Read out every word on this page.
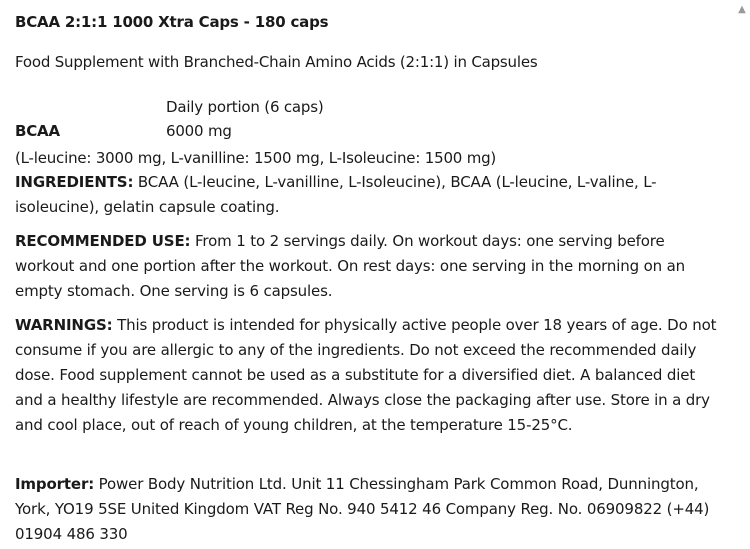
BCAA 2:1:1 1000 Xtra Caps - 180 caps

Food Supplement with Branched-Chain Amino Acids (2:1:1) in Capsules

Daily portion (6 caps)
BCAA	6000 mg
(L-leucine: 3000 mg, L-vanilline: 1500 mg, L-Isoleucine: 1500 mg)

INGREDIENTS: BCAA (L-leucine, L-vanilline, L-Isoleucine), BCAA (L-leucine, L-valine, L-isoleucine), gelatin capsule coating.

RECOMMENDED USE: From 1 to 2 servings daily. On workout days: one serving before workout and one portion after the workout. On rest days: one serving in the morning on an empty stomach. One serving is 6 capsules.

WARNINGS: This product is intended for physically active people over 18 years of age. Do not consume if you are allergic to any of the ingredients. Do not exceed the recommended daily dose. Food supplement cannot be used as a substitute for a diversified diet. A balanced diet and a healthy lifestyle are recommended. Always close the packaging after use. Store in a dry and cool place, out of reach of young children, at the temperature 15-25°C.

Importer: Power Body Nutrition Ltd. Unit 11 Chessingham Park Common Road, Dunnington, York, YO19 5SE United Kingdom VAT Reg No. 940 5412 46 Company Reg. No. 06909822 (+44) 01904 486 330

▲
